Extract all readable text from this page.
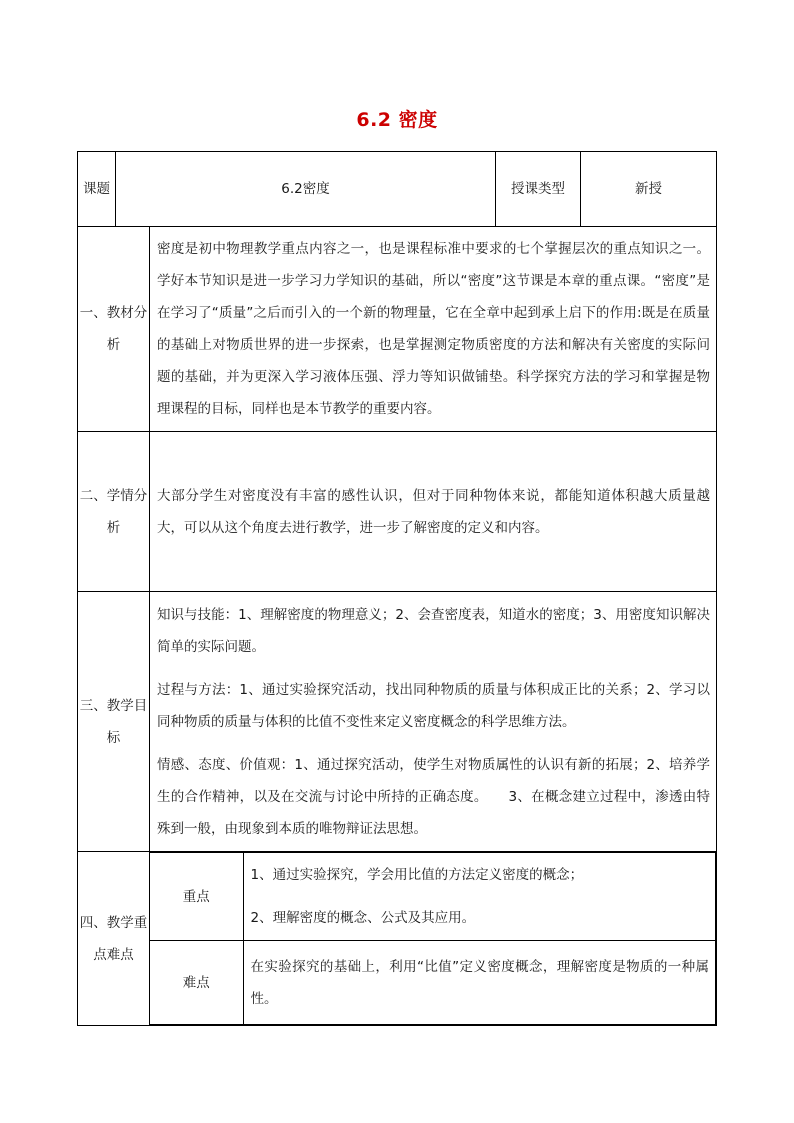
6.2 密度
课题	6.2密度	授课类型	新授
一、教材分析	

密度是初中物理教学重点内容之一，也是课程标准中要求的七个掌握层次的重点知识之一。学好本节知识是进一步学习力学知识的基础，所以“密度”这节课是本章的重点课。“密度”是在学习了“质量”之后而引入的一个新的物理量，它在全章中起到承上启下的作用:既是在质量的基础上对物质世界的进一步探索，也是掌握测定物质密度的方法和解决有关密度的实际问题的基础，并为更深入学习液体压强、浮力等知识做铺垫。科学探究方法的学习和掌握是物理课程的目标，同样也是本节教学的重要内容。

二、学情分析	

大部分学生对密度没有丰富的感性认识，但对于同种物体来说，都能知道体积越大质量越大，可以从这个角度去进行教学，进一步了解密度的定义和内容。

三、教学目标	

知识与技能：1、理解密度的物理意义；2、会查密度表，知道水的密度；3、用密度知识解决简单的实际问题。

过程与方法：1、通过实验探究活动，找出同种物质的质量与体积成正比的关系；2、学习以同种物质的质量与体积的比值不变性来定义密度概念的科学思维方法。

情感、态度、价值观：1、通过探究活动，使学生对物质属性的认识有新的拓展；2、培养学生的合作精神，以及在交流与讨论中所持的正确态度。　　3、在概念建立过程中，渗透由特殊到一般，由现象到本质的唯物辩证法思想。

四、教学重点难点	
重点	

1、通过实验探究，学会用比值的方法定义密度的概念；

2、理解密度的概念、公式及其应用。

难点	

在实验探究的基础上，利用“比值”定义密度概念，理解密度是物质的一种属性。
